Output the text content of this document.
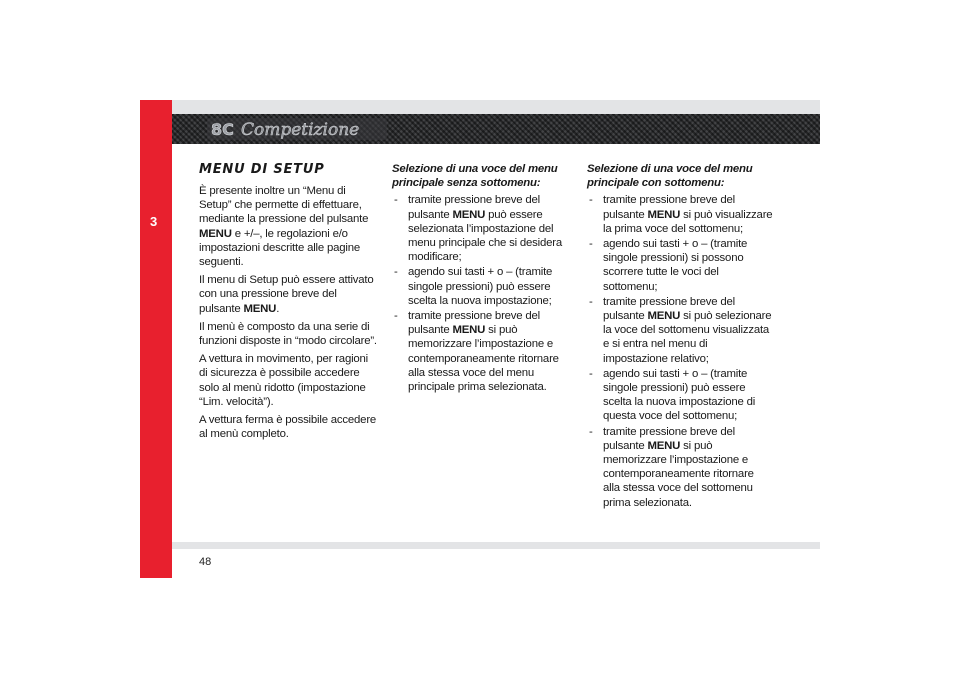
3
8C Competizione
MENU DI SETUP

È presente inoltre un “Menu di Setup” che permette di effettuare, mediante la pressione del pulsante MENU e +/–, le regolazioni e/o impostazioni descritte alle pagine seguenti.

Il menu di Setup può essere attivato con una pressione breve del pulsante MENU.

Il menù è composto da una serie di funzioni disposte in “modo circolare”.

A vettura in movimento, per ragioni di sicurezza è possibile accedere solo al menù ridotto (impostazione “Lim. velocità”).

A vettura ferma è possibile accedere al menù completo.

Selezione di una voce del menu principale senza sottomenu:
- tramite pressione breve del pulsante MENU può essere selezionata l’impostazione del menu principale che si desidera modificare;
- agendo sui tasti + o – (tramite singole pressioni) può essere scelta la nuova impostazione;
- tramite pressione breve del pulsante MENU si può memorizzare l’impostazione e contemporaneamente ritornare alla stessa voce del menu principale prima selezionata.
Selezione di una voce del menu principale con sottomenu:
- tramite pressione breve del pulsante MENU si può visualizzare la prima voce del sottomenu;
- agendo sui tasti + o – (tramite singole pressioni) si possono scorrere tutte le voci del sottomenu;
- tramite pressione breve del pulsante MENU si può selezionare la voce del sottomenu visualizzata e si entra nel menu di impostazione relativo;
- agendo sui tasti + o – (tramite singole pressioni) può essere scelta la nuova impostazione di questa voce del sottomenu;
- tramite pressione breve del pulsante MENU si può memorizzare l’impostazione e contemporaneamente ritornare alla stessa voce del sottomenu prima selezionata.
48
